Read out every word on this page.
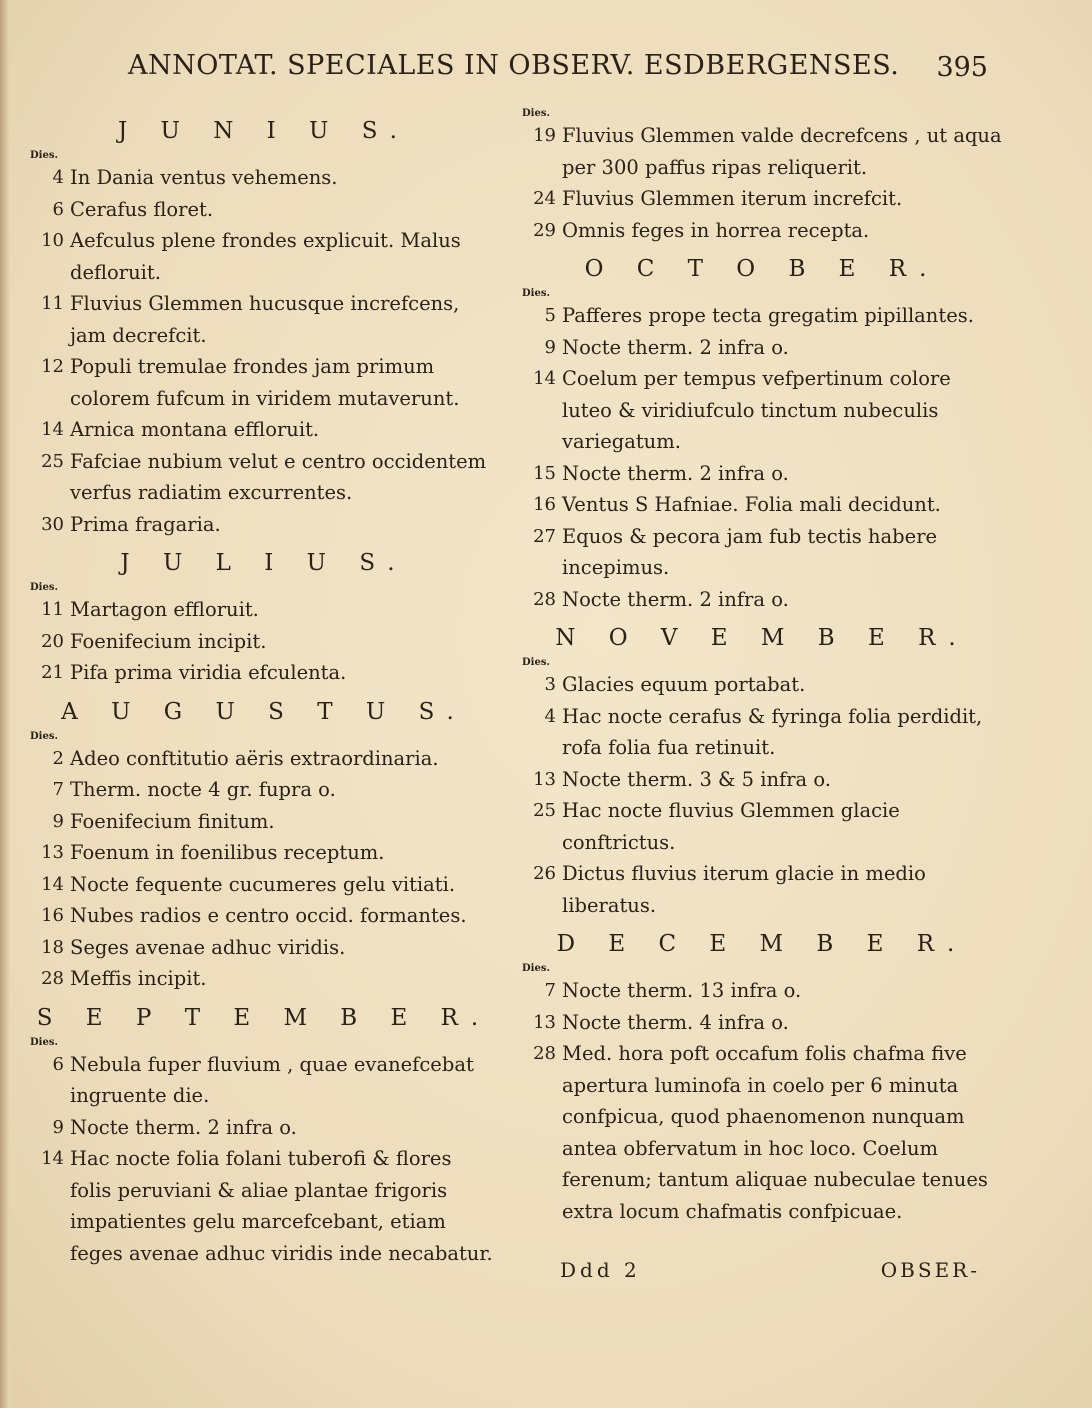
ANNOTAT. SPECIALES IN OBSERV. ESDBERGENSES. 395
J U N I U S.
Dies.
4 In Dania ventus vehemens.
6 Cerafus floret.
10 Aefculus plene frondes explicuit. Malus defloruit.
11 Fluvius Glemmen hucusque increfcens, jam decrefcit.
12 Populi tremulae frondes jam primum colorem fufcum in viridem mutaverunt.
14 Arnica montana effloruit.
25 Fafciae nubium velut e centro occidentem verfus radiatim excurrentes.
30 Prima fragaria.
J U L I U S.
Dies.
11 Martagon effloruit.
20 Foenifecium incipit.
21 Pifa prima viridia efculenta.
A U G U S T U S.
Dies.
2 Adeo conftitutio aëris extraordinaria.
7 Therm. nocte 4 gr. fupra o.
9 Foenifecium finitum.
13 Foenum in foenilibus receptum.
14 Nocte fequente cucumeres gelu vitiati.
16 Nubes radios e centro occid. formantes.
18 Seges avenae adhuc viridis.
28 Meffis incipit.
S E P T E M B E R.
Dies.
6 Nebula fuper fluvium , quae evanefcebat ingruente die.
9 Nocte therm. 2 infra o.
14 Hac nocte folia folani tuberofi & flores folis peruviani & aliae plantae frigoris impatientes gelu marcefcebant, etiam feges avenae adhuc viridis inde necabatur.
Dies.
19 Fluvius Glemmen valde decrefcens , ut aqua per 300 paffus ripas reliquerit.
24 Fluvius Glemmen iterum increfcit.
29 Omnis feges in horrea recepta.
O C T O B E R.
Dies.
5 Pafferes prope tecta gregatim pipillantes.
9 Nocte therm. 2 infra o.
14 Coelum per tempus vefpertinum colore luteo & viridiufculo tinctum nubeculis variegatum.
15 Nocte therm. 2 infra o.
16 Ventus S Hafniae. Folia mali decidunt.
27 Equos & pecora jam fub tectis habere incepimus.
28 Nocte therm. 2 infra o.
N O V E M B E R.
Dies.
3 Glacies equum portabat.
4 Hac nocte cerafus & fyringa folia perdidit, rofa folia fua retinuit.
13 Nocte therm. 3 & 5 infra o.
25 Hac nocte fluvius Glemmen glacie conftrictus.
26 Dictus fluvius iterum glacie in medio liberatus.
D E C E M B E R.
Dies.
7 Nocte therm. 13 infra o.
13 Nocte therm. 4 infra o.
28 Med. hora poft occafum folis chafma five apertura luminofa in coelo per 6 minuta confpicua, quod phaenomenon nunquam antea obfervatum in hoc loco. Coelum ferenum; tantum aliquae nubeculae tenues extra locum chafmatis confpicuae.
Ddd 2	OBSER-
